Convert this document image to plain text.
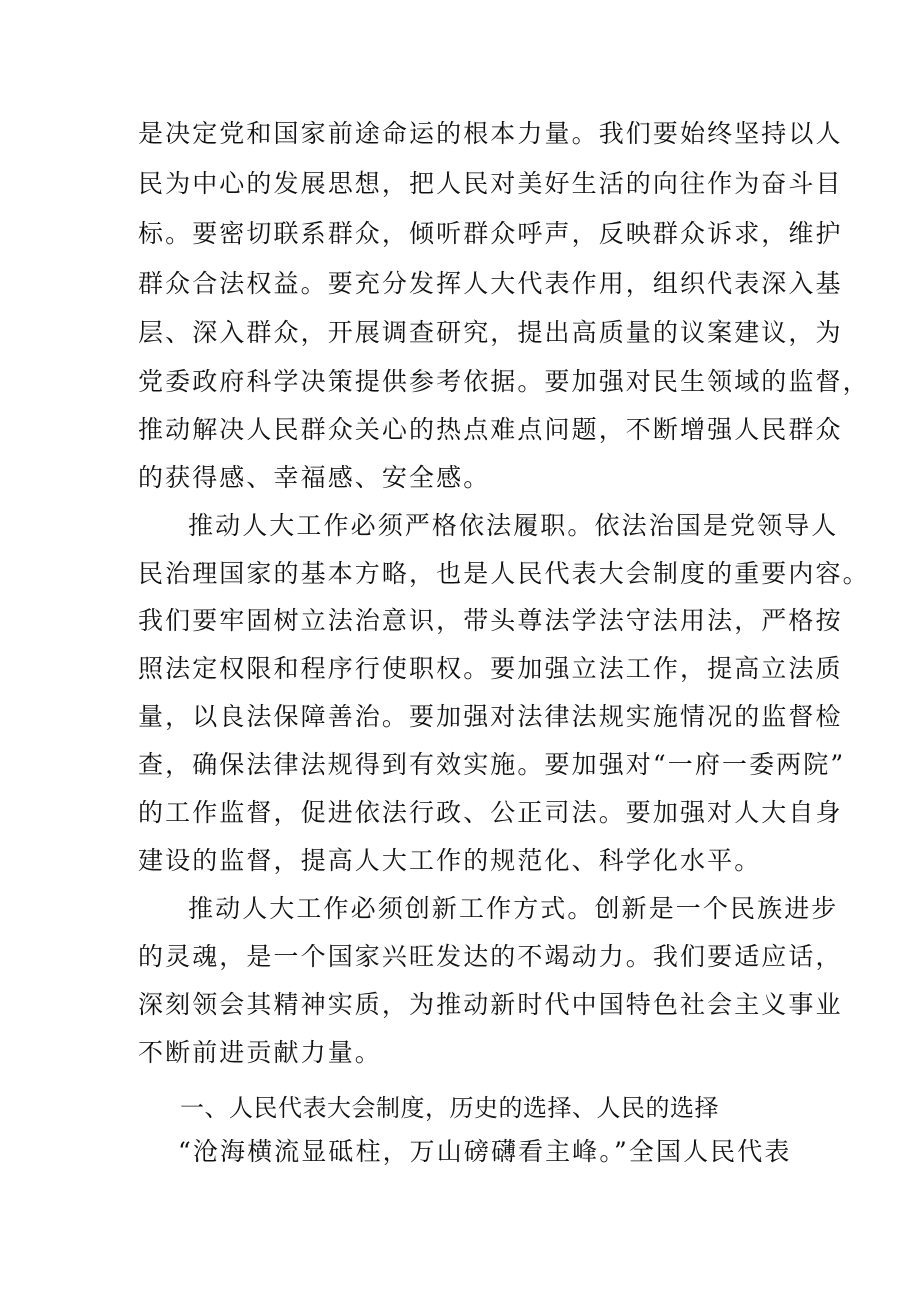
是决定党和国家前途命运的根本力量。我们要始终坚持以人
民为中心的发展思想，把人民对美好生活的向往作为奋斗目
标。要密切联系群众，倾听群众呼声，反映群众诉求，维护
群众合法权益。要充分发挥人大代表作用，组织代表深入基
层、深入群众，开展调查研究，提出高质量的议案建议，为
党委政府科学决策提供参考依据。要加强对民生领域的监督，
推动解决人民群众关心的热点难点问题，不断增强人民群众
的获得感、幸福感、安全感。
推动人大工作必须严格依法履职。依法治国是党领导人
民治理国家的基本方略，也是人民代表大会制度的重要内容。
我们要牢固树立法治意识，带头尊法学法守法用法，严格按
照法定权限和程序行使职权。要加强立法工作，提高立法质
量，以良法保障善治。要加强对法律法规实施情况的监督检
查，确保法律法规得到有效实施。要加强对“一府一委两院”
的工作监督，促进依法行政、公正司法。要加强对人大自身
建设的监督，提高人大工作的规范化、科学化水平。
推动人大工作必须创新工作方式。创新是一个民族进步
的灵魂，是一个国家兴旺发达的不竭动力。我们要适应话，
深刻领会其精神实质，为推动新时代中国特色社会主义事业
不断前进贡献力量。
一、人民代表大会制度，历史的选择、人民的选择
“沧海横流显砥柱，万山磅礴看主峰。”全国人民代表
